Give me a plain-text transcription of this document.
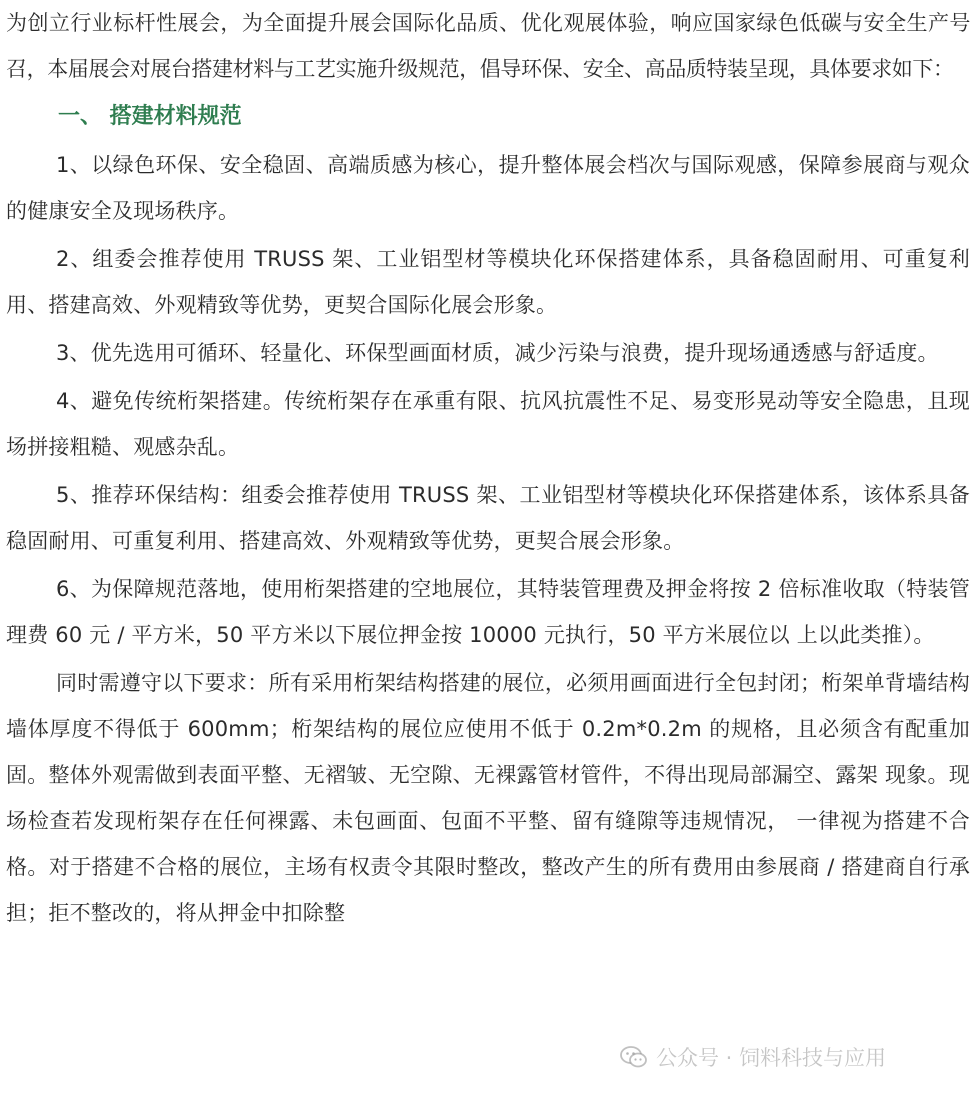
为创立行业标杆性展会，为全面提升展会国际化品质、优化观展体验，响应国家绿色低碳与安全生产号召，本届展会对展台搭建材料与工艺实施升级规范，倡导环保、安全、高品质特装呈现，具体要求如下：

一、 搭建材料规范

1、以绿色环保、安全稳固、高端质感为核心，提升整体展会档次与国际观感，保障参展商与观众的健康安全及现场秩序。

2、组委会推荐使用 TRUSS 架、工业铝型材等模块化环保搭建体系，具备稳固耐用、可重复利用、搭建高效、外观精致等优势，更契合国际化展会形象。

3、优先选用可循环、轻量化、环保型画面材质，减少污染与浪费，提升现场通透感与舒适度。

4、避免传统桁架搭建。传统桁架存在承重有限、抗风抗震性不足、易变形晃动等安全隐患，且现场拼接粗糙、观感杂乱。

5、推荐环保结构：组委会推荐使用 TRUSS 架、工业铝型材等模块化环保搭建体系，该体系具备稳固耐用、可重复利用、搭建高效、外观精致等优势，更契合展会形象。

6、为保障规范落地，使用桁架搭建的空地展位，其特装管理费及押金将按 2 倍标准收取（特装管理费 60 元 / 平方米，50 平方米以下展位押金按 10000 元执行，50 平方米展位以 上以此类推）。

同时需遵守以下要求：所有采用桁架结构搭建的展位，必须用画面进行全包封闭；桁架单背墙结构墙体厚度不得低于 600mm；桁架结构的展位应使用不低于 0.2m*0.2m 的规格，且必须含有配重加固。整体外观需做到表面平整、无褶皱、无空隙、无裸露管材管件，不得出现局部漏空、露架 现象。现场检查若发现桁架存在任何裸露、未包画面、包面不平整、留有缝隙等违规情况， 一律视为搭建不合格。对于搭建不合格的展位，主场有权责令其限时整改，整改产生的所有费用由参展商 / 搭建商自行承担；拒不整改的，将从押金中扣除整

公众号 · 饲料科技与应用
